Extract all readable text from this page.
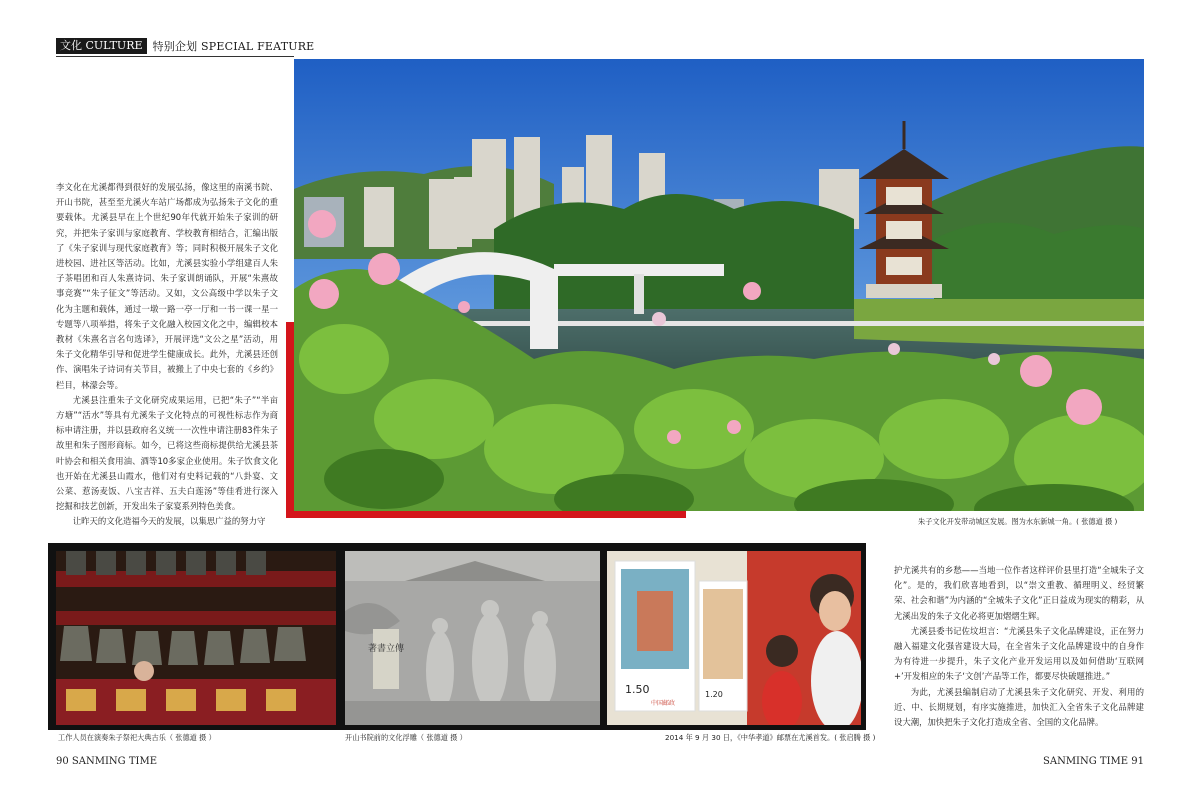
文化 CULTURE 特别企划 SPECIAL FEATURE

李文化在尤溪都得到很好的发展弘扬，像这里的南溪书院、开山书院，甚至至尤溪火车站广场都成为弘扬朱子文化的重要载体。尤溪县早在上个世纪90年代就开始朱子家训的研究，并把朱子家训与家庭教育、学校教育相结合，汇编出版了《朱子家训与现代家庭教育》等；同时积极开展朱子文化进校园、进社区等活动。比如，尤溪县实验小学组建百人朱子茶唱团和百人朱熹诗词、朱子家训朗诵队，开展“朱熹故事竞赛”“朱子征文”等活动。又如，文公高级中学以朱子文化为主题和载体，通过一墩一路一亭一厅和一书一课一星一专题等八项举措，将朱子文化融入校园文化之中，编辑校本教材《朱熹名言名句选译》，开展评选“文公之星”活动，用朱子文化精华引导和促进学生健康成长。此外，尤溪县还创作、演唱朱子诗词有关节目，被搬上了中央七套的《乡约》栏目，林濛会等。

尤溪县注重朱子文化研究成果运用，已把“朱子”“半亩方塘”“活水”等具有尤溪朱子文化特点的可视性标志作为商标申请注册，并以县政府名义统一一次性申请注册83件朱子故里和朱子图形商标。如今，已将这些商标提供给尤溪县茶叶协会和相关食用油、酒等10多家企业使用。朱子饮食文化也开始在尤溪县山霞水，他们对有史料记载的“八卦宴、文公菜、惹汤麦饭、八宝吉祥、五夫白莲汤”等佳肴进行深入挖掘和技艺创新，开发出朱子家宴系列特色美食。

让昨天的文化造福今天的发展，以集思广益的努力守	朱子文化开发带动城区发展。图为水东新城一角。( 张德道 摄 )
著書立傳
1.50
中国邮政
1.20
工作人员在演奏朱子祭祀大典古乐（ 张德道 摄 ）	开山书院前的文化浮雕（ 张德道 摄 ）	2014 年 9 月 30 日，《中华孝道》邮票在尤溪首发。( 张启腾 摄 )

护尤溪共有的乡愁——当地一位作者这样评价县里打造“全城朱子文化”。是的，我们欣喜地看到，以“崇文重教、循理明义、经贸繁荣、社会和谐”为内涵的“全城朱子文化”正日益成为现实的精彩，从尤溪出发的朱子文化必将更加熠熠生辉。

尤溪县委书记佐坟坦言：“尤溪县朱子文化品牌建设，正在努力融入福建文化强省建设大局，在全省朱子文化品牌建设中的自身作为有待进一步提升，朱子文化产业开发运用以及如何借助‘互联网+’开发相应的朱子‘文创’产品等工作，都要尽快破题推进。”

为此，尤溪县编制启动了尤溪县朱子文化研究、开发、利用的近、中、长期规划，有序实施推进，加快汇入全省朱子文化品牌建设大潮，加快把朱子文化打造成全省、全国的文化品牌。

90 SANMING TIME	SANMING TIME 91
